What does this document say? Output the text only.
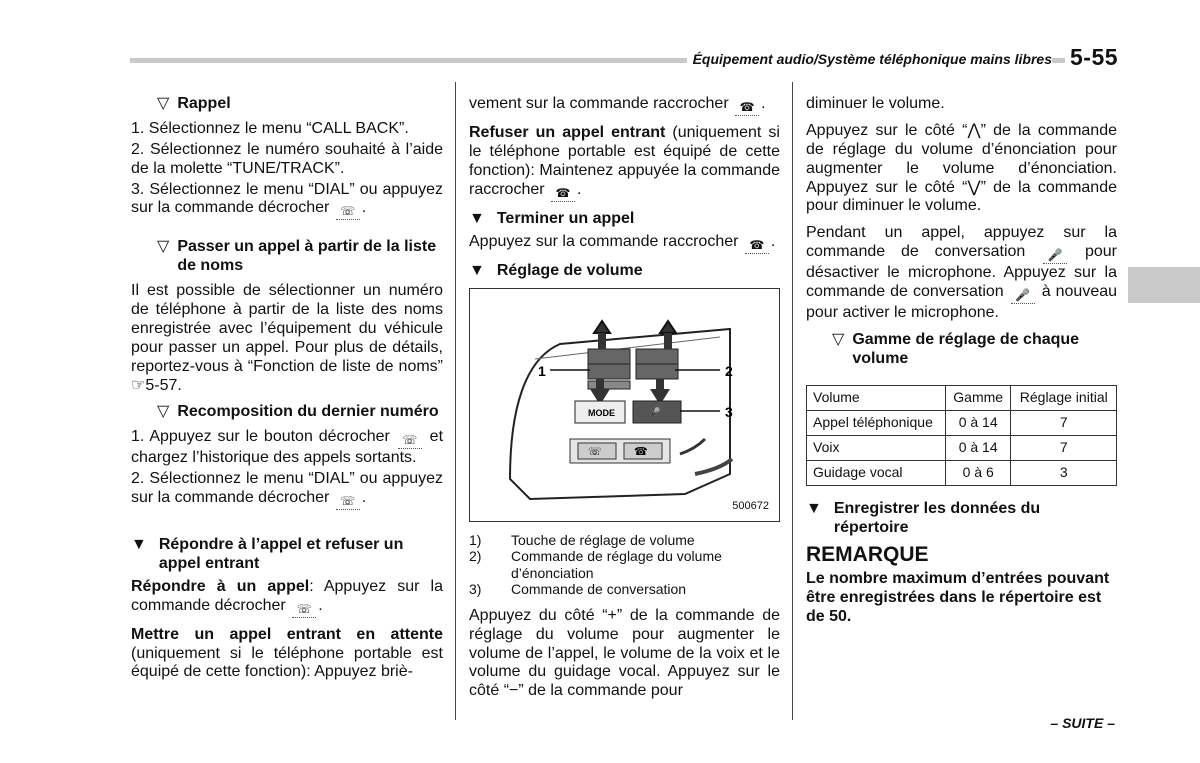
Équipement audio/Système téléphonique mains libres 5-55
▽ Rappel

1. Sélectionnez le menu “CALL BACK”.

2. Sélectionnez le numéro souhaité à l’aide de la molette “TUNE/TRACK”.

3. Sélectionnez le menu “DIAL” ou appuyez sur la commande décrocher ☏ .

▽ Passer un appel à partir de la liste de noms

Il est possible de sélectionner un numéro de téléphone à partir de la liste des noms enregistrée avec l’équipement du véhicule pour passer un appel. Pour plus de détails, reportez-vous à “Fonction de liste de noms” ☞5-57.

▽ Recomposition du dernier numéro

1. Appuyez sur le bouton décrocher ☏ et chargez l’historique des appels sortants.

2. Sélectionnez le menu “DIAL” ou appuyez sur la commande décrocher ☏ .

▼ Répondre à l’appel et refuser un appel entrant

Répondre à un appel: Appuyez sur la commande décrocher ☏ .

Mettre un appel entrant en attente (uniquement si le téléphone portable est équipé de cette fonction): Appuyez briè-

vement sur la commande raccrocher ☎ .

Refuser un appel entrant (uniquement si le téléphone portable est équipé de cette fonction): Maintenez appuyée la commande raccrocher ☎ .

▼ Terminer un appel

Appuyez sur la commande raccrocher ☎ .

▼ Réglage de volume
MODE	🎤
1	2
3
☏	☎
500672
1)	Touche de réglage de volume
2)	Commande de réglage du volume d’énonciation
3)	Commande de conversation

Appuyez du côté “+” de la commande de réglage du volume pour augmenter le volume de l’appel, le volume de la voix et le volume du guidage vocal. Appuyez sur le côté “−” de la commande pour

diminuer le volume.

Appuyez sur le côté “⋀” de la commande de réglage du volume d’énonciation pour augmenter le volume d’énonciation. Appuyez sur le côté “⋁” de la commande pour diminuer le volume.

Pendant un appel, appuyez sur la commande de conversation 🎤 pour désactiver le microphone. Appuyez sur la commande de conversation 🎤 à nouveau pour activer le microphone.

▽ Gamme de réglage de chaque volume
Volume	Gamme	Réglage initial
Appel téléphonique	0 à 14	7
Voix	0 à 14	7
Guidage vocal	0 à 6	3
▼ Enregistrer les données du répertoire
REMARQUE

Le nombre maximum d’entrées pouvant être enregistrées dans le répertoire est de 50.

– SUITE –
